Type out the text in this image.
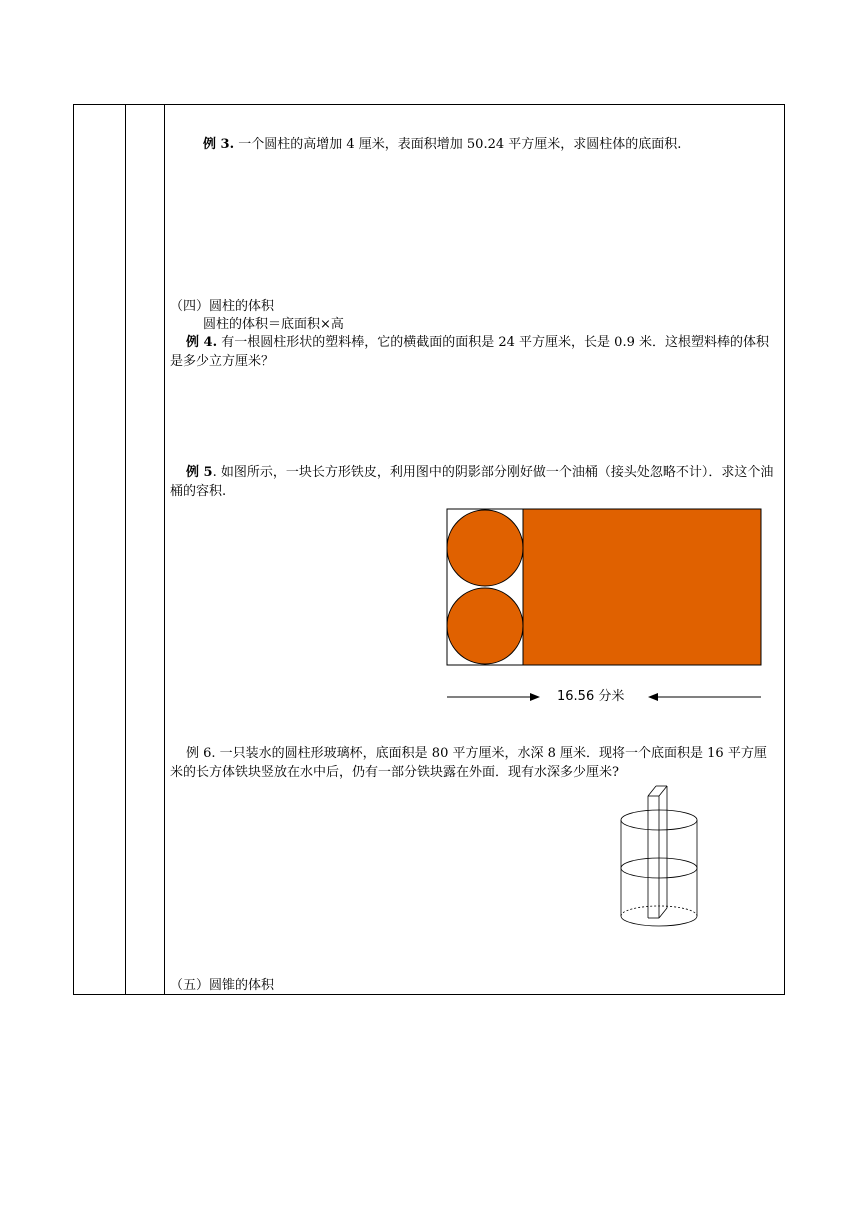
例 3. 一个圆柱的高增加 4 厘米，表面积增加 50.24 平方厘米，求圆柱体的底面积.
（四）圆柱的体积
圆柱的体积＝底面积×高
例 4. 有一根圆柱形状的塑料棒，它的横截面的面积是 24 平方厘米，长是 0.9 米．这根塑料棒的体积是多少立方厘米？
例 5. 如图所示，一块长方形铁皮，利用图中的阴影部分刚好做一个油桶（接头处忽略不计）．求这个油桶的容积.
16.56 分米
例 6. 一只装水的圆柱形玻璃杯，底面积是 80 平方厘米，水深 8 厘米．现将一个底面积是 16 平方厘米的长方体铁块竖放在水中后，仍有一部分铁块露在外面．现有水深多少厘米?
（五）圆锥的体积
